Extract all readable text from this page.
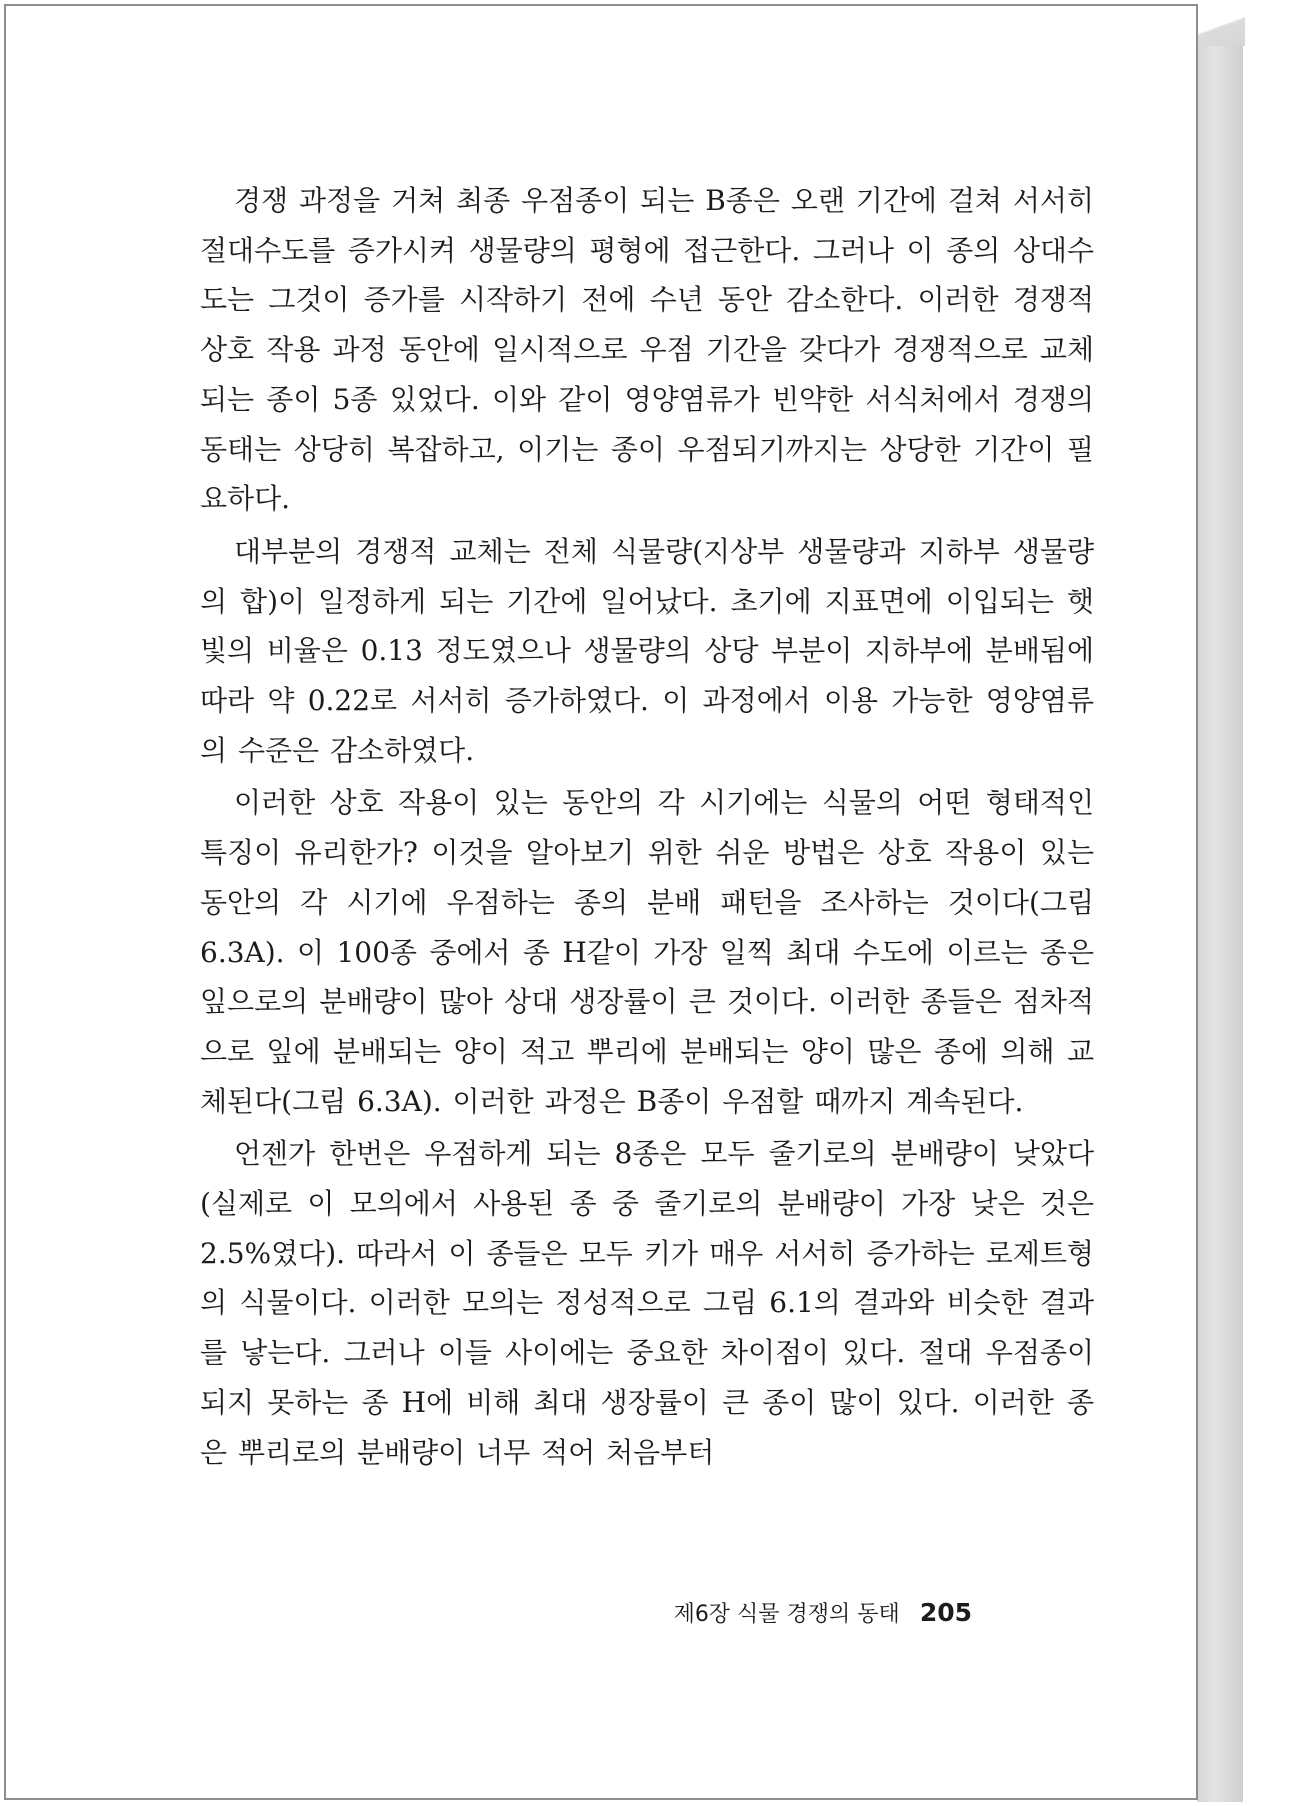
경쟁 과정을 거쳐 최종 우점종이 되는 B종은 오랜 기간에 걸쳐 서서히 절대수도를 증가시켜 생물량의 평형에 접근한다. 그러나 이 종의 상대수도는 그것이 증가를 시작하기 전에 수년 동안 감소한다. 이러한 경쟁적 상호 작용 과정 동안에 일시적으로 우점 기간을 갖다가 경쟁적으로 교체되는 종이 5종 있었다. 이와 같이 영양염류가 빈약한 서식처에서 경쟁의 동태는 상당히 복잡하고, 이기는 종이 우점되기까지는 상당한 기간이 필요하다.

대부분의 경쟁적 교체는 전체 식물량(지상부 생물량과 지하부 생물량의 합)이 일정하게 되는 기간에 일어났다. 초기에 지표면에 이입되는 햇빛의 비율은 0.13 정도였으나 생물량의 상당 부분이 지하부에 분배됨에 따라 약 0.22로 서서히 증가하였다. 이 과정에서 이용 가능한 영양염류의 수준은 감소하였다.

이러한 상호 작용이 있는 동안의 각 시기에는 식물의 어떤 형태적인 특징이 유리한가? 이것을 알아보기 위한 쉬운 방법은 상호 작용이 있는 동안의 각 시기에 우점하는 종의 분배 패턴을 조사하는 것이다(그림 6.3A). 이 100종 중에서 종 H같이 가장 일찍 최대 수도에 이르는 종은 잎으로의 분배량이 많아 상대 생장률이 큰 것이다. 이러한 종들은 점차적으로 잎에 분배되는 양이 적고 뿌리에 분배되는 양이 많은 종에 의해 교체된다(그림 6.3A). 이러한 과정은 B종이 우점할 때까지 계속된다.

언젠가 한번은 우점하게 되는 8종은 모두 줄기로의 분배량이 낮았다(실제로 이 모의에서 사용된 종 중 줄기로의 분배량이 가장 낮은 것은 2.5%였다). 따라서 이 종들은 모두 키가 매우 서서히 증가하는 로제트형의 식물이다. 이러한 모의는 정성적으로 그림 6.1의 결과와 비슷한 결과를 낳는다. 그러나 이들 사이에는 중요한 차이점이 있다. 절대 우점종이 되지 못하는 종 H에 비해 최대 생장률이 큰 종이 많이 있다. 이러한 종은 뿌리로의 분배량이 너무 적어 처음부터

제6장 식물 경쟁의 동태 205
